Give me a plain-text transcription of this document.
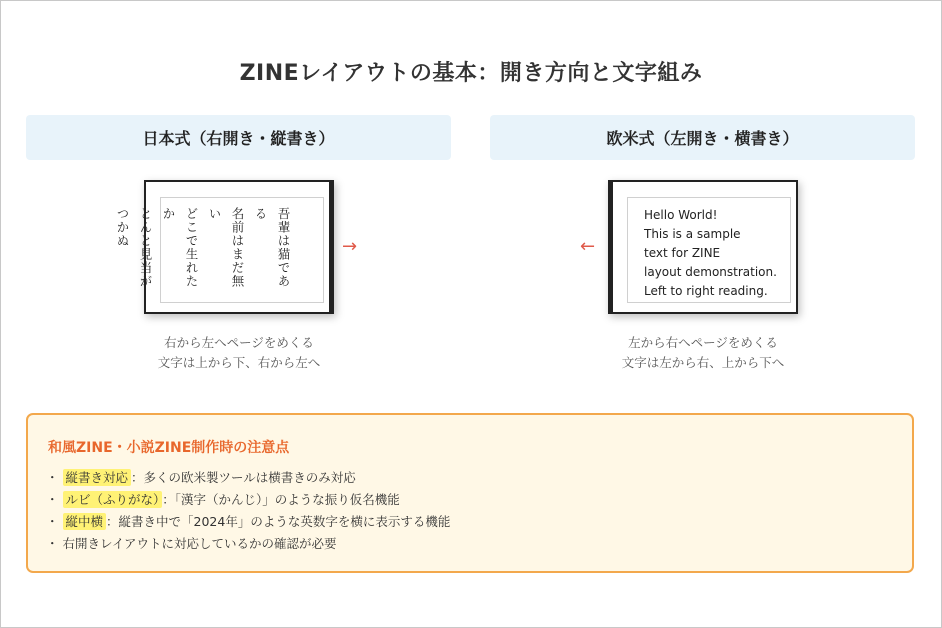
ZINEレイアウトの基本：開き方向と文字組み
日本式（右開き・縦書き）	欧米式（左開き・横書き）
吾輩は猫である
名前はまだ無い
どこで生れたか
とんと見当が
つかぬ	→
Hello World!
This is a sample
text for ZINE
layout demonstration.
Left to right reading.
←
右から左へページをめくる
文字は上から下、右から左へ
左から右へページをめくる
文字は左から右、上から下へ
和風ZINE・小説ZINE制作時の注意点
・ 縦書き対応 ：多くの欧米製ツールは横書きのみ対応
・ ルビ（ふりがな） ：「漢字（かんじ）」のような振り仮名機能
・ 縦中横 ：縦書き中で「2024年」のような英数字を横に表示する機能
・ 右開きレイアウトに対応しているかの確認が必要
